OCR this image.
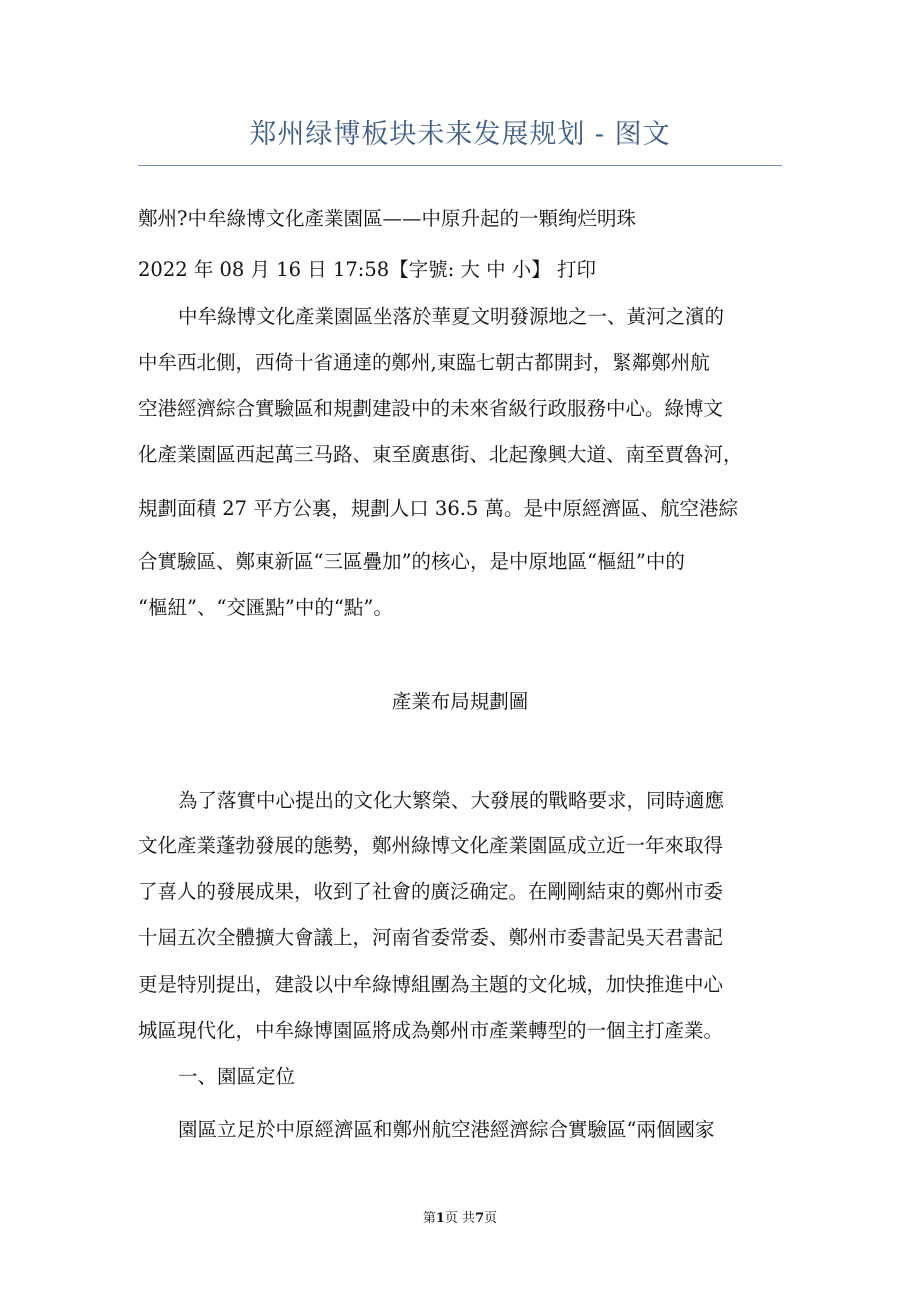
郑州绿博板块未来发展规划 - 图文
鄭州?中牟綠博文化產業園區——中原升起的一顆绚烂明珠
2022 年 08 月 16 日 17:58【字號: 大 中 小】 打印
中牟綠博文化產業園區坐落於華夏文明發源地之一、黃河之濱的
中牟西北側，西倚十省通達的鄭州,東臨七朝古都開封，緊鄰鄭州航
空港經濟綜合實驗區和規劃建設中的未來省級行政服務中心。綠博文
化產業園區西起萬三马路、東至廣惠街、北起豫興大道、南至賈魯河，
規劃面積 27 平方公裏，規劃人口 36.5 萬。是中原經濟區、航空港綜
合實驗區、鄭東新區“三區疊加”的核心，是中原地區“樞紐”中的
“樞紐”、“交匯點”中的“點”。
產業布局規劃圖
為了落實中心提出的文化大繁榮、大發展的戰略要求，同時適應
文化產業蓬勃發展的態勢，鄭州綠博文化產業園區成立近一年來取得
了喜人的發展成果，收到了社會的廣泛确定。在剛剛結束的鄭州市委
十屆五次全體擴大會議上，河南省委常委、鄭州市委書記吳天君書記
更是特別提出，建設以中牟綠博組團為主題的文化城，加快推進中心
城區現代化，中牟綠博園區將成為鄭州市產業轉型的一個主打產業。
一、園區定位
園區立足於中原經濟區和鄭州航空港經濟綜合實驗區“兩個國家
第1页 共7页
